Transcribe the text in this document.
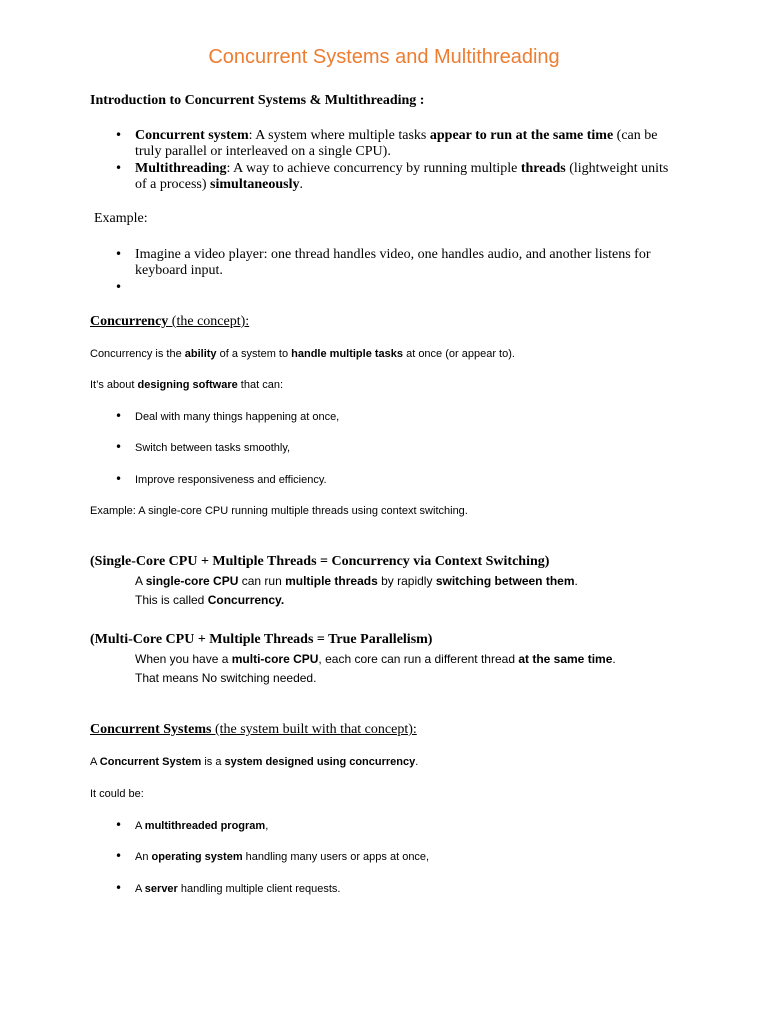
Concurrent Systems and Multithreading
Introduction to Concurrent Systems & Multithreading :
• Concurrent system: A system where multiple tasks appear to run at the same time (can be truly parallel or interleaved on a single CPU).
• Multithreading: A way to achieve concurrency by running multiple threads (lightweight units of a process) simultaneously.
Example:
• Imagine a video player: one thread handles video, one handles audio, and another listens for keyboard input.
•
Concurrency (the concept):
Concurrency is the ability of a system to handle multiple tasks at once (or appear to).
It’s about designing software that can:
• Deal with many things happening at once,
• Switch between tasks smoothly,
• Improve responsiveness and efficiency.
Example: A single-core CPU running multiple threads using context switching.
(Single-Core CPU + Multiple Threads = Concurrency via Context Switching)
A single-core CPU can run multiple threads by rapidly switching between them.
This is called Concurrency.
(Multi-Core CPU + Multiple Threads = True Parallelism)
When you have a multi-core CPU, each core can run a different thread at the same time.
That means No switching needed.
Concurrent Systems (the system built with that concept):
A Concurrent System is a system designed using concurrency.
It could be:
• A multithreaded program,
• An operating system handling many users or apps at once,
• A server handling multiple client requests.
